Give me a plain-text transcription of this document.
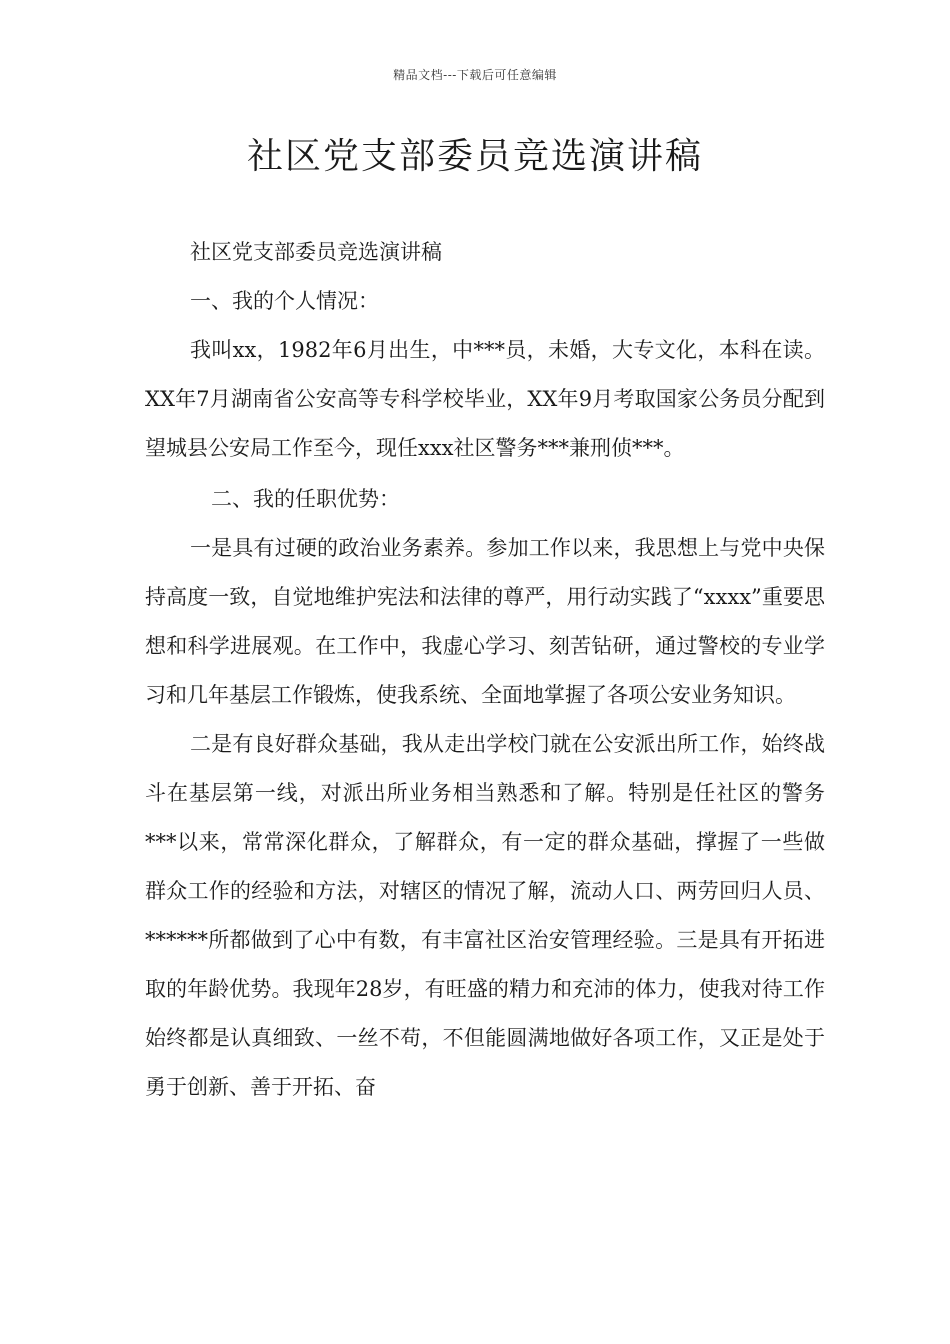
精品文档---下载后可任意编辑
社区党支部委员竞选演讲稿

社区党支部委员竞选演讲稿

一、我的个人情况：

我叫xx，1982年6月出生，中***员，未婚，大专文化，本科在读。XX年7月湖南省公安高等专科学校毕业，XX年9月考取国家公务员分配到望城县公安局工作至今，现任xxx社区警务***兼刑侦***。

二、我的任职优势：

一是具有过硬的政治业务素养。参加工作以来，我思想上与党中央保持高度一致，自觉地维护宪法和法律的尊严，用行动实践了“xxxx”重要思想和科学进展观。在工作中，我虚心学习、刻苦钻研，通过警校的专业学习和几年基层工作锻炼，使我系统、全面地掌握了各项公安业务知识。

二是有良好群众基础，我从走出学校门就在公安派出所工作，始终战斗在基层第一线，对派出所业务相当熟悉和了解。特别是任社区的警务***以来，常常深化群众，了解群众，有一定的群众基础，撑握了一些做群众工作的经验和方法，对辖区的情况了解，流动人口、两劳回归人员、******所都做到了心中有数，有丰富社区治安管理经验。三是具有开拓进取的年龄优势。我现年28岁，有旺盛的精力和充沛的体力，使我对待工作始终都是认真细致、一丝不苟，不但能圆满地做好各项工作，又正是处于勇于创新、善于开拓、奋
